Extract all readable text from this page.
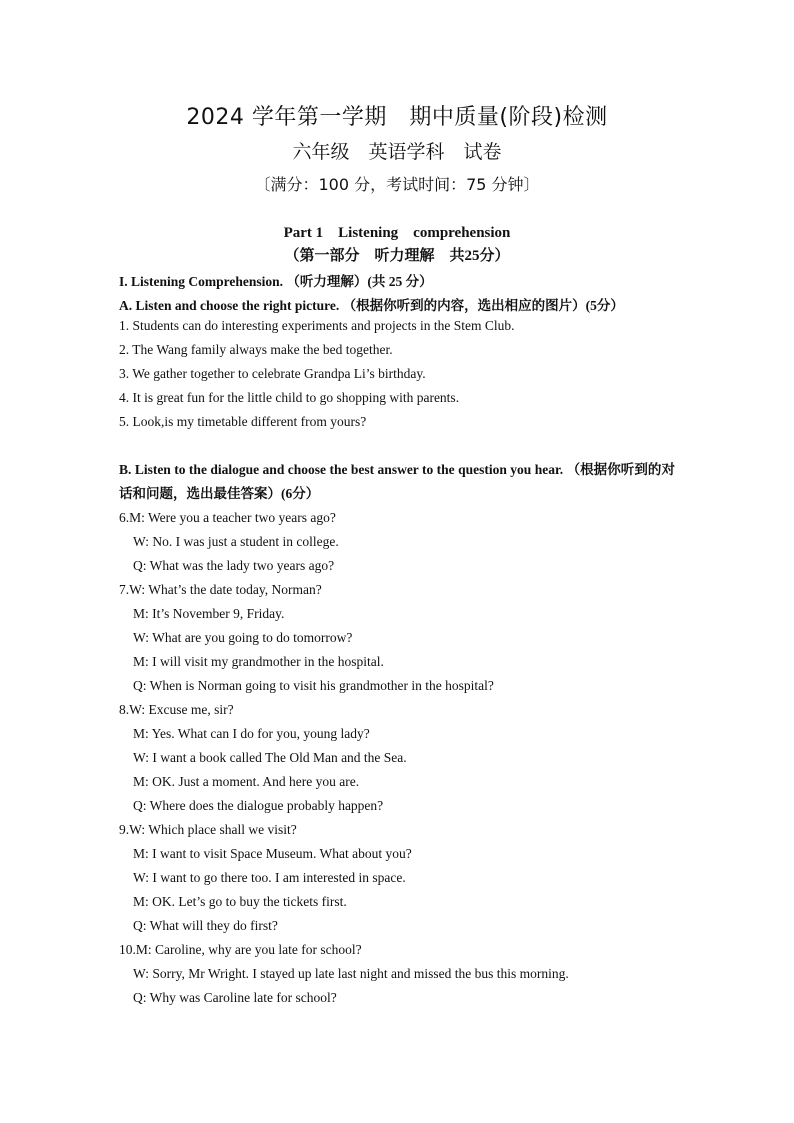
2024 学年第一学期　期中质量(阶段)检测
六年级　英语学科　试卷
〔满分：100 分，考试时间：75 分钟〕
Part 1　Listening　comprehension
（第一部分　听力理解　共25分）
I. Listening Comprehension. （听力理解）(共 25 分）
A. Listen and choose the right picture. （根据你听到的内容，选出相应的图片）(5分）
1. Students can do interesting experiments and projects in the Stem Club.
2. The Wang family always make the bed together.
3. We gather together to celebrate Grandpa Li’s birthday.
4. It is great fun for the little child to go shopping with parents.
5. Look,is my timetable different from yours?
B. Listen to the dialogue and choose the best answer to the question you hear. （根据你听到的对话和问题，选出最佳答案）(6分）
6.M: Were you a teacher two years ago?
W: No. I was just a student in college.
Q: What was the lady two years ago?
7.W: What’s the date today, Norman?
M: It’s November 9, Friday.
W: What are you going to do tomorrow?
M: I will visit my grandmother in the hospital.
Q: When is Norman going to visit his grandmother in the hospital?
8.W: Excuse me, sir?
M: Yes. What can I do for you, young lady?
W: I want a book called The Old Man and the Sea.
M: OK. Just a moment. And here you are.
Q: Where does the dialogue probably happen?
9.W: Which place shall we visit?
M: I want to visit Space Museum. What about you?
W: I want to go there too. I am interested in space.
M: OK. Let’s go to buy the tickets first.
Q: What will they do first?
10.M: Caroline, why are you late for school?
W: Sorry, Mr Wright. I stayed up late last night and missed the bus this morning.
Q: Why was Caroline late for school?
